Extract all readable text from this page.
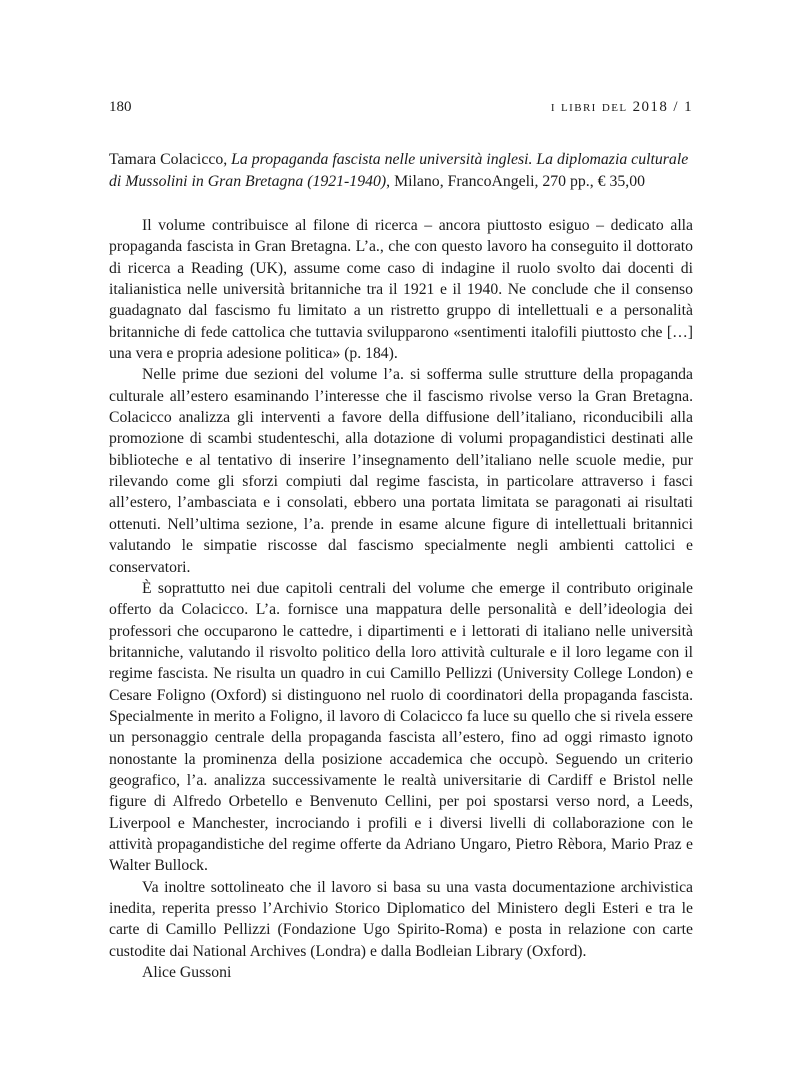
180	i libri del 2018 / 1
Tamara Colacicco, La propaganda fascista nelle università inglesi. La diplomazia culturale di Mussolini in Gran Bretagna (1921-1940), Milano, FrancoAngeli, 270 pp., € 35,00

Il volume contribuisce al filone di ricerca – ancora piuttosto esiguo – dedicato alla propaganda fascista in Gran Bretagna. L’a., che con questo lavoro ha conseguito il dottorato di ricerca a Reading (UK), assume come caso di indagine il ruolo svolto dai docenti di italianistica nelle università britanniche tra il 1921 e il 1940. Ne conclude che il consenso guadagnato dal fascismo fu limitato a un ristretto gruppo di intellettuali e a personalità britanniche di fede cattolica che tuttavia svilupparono «sentimenti italofili piuttosto che […] una vera e propria adesione politica» (p. 184).

Nelle prime due sezioni del volume l’a. si sofferma sulle strutture della propaganda culturale all’estero esaminando l’interesse che il fascismo rivolse verso la Gran Bretagna. Colacicco analizza gli interventi a favore della diffusione dell’italiano, riconducibili alla promozione di scambi studenteschi, alla dotazione di volumi propagandistici destinati alle biblioteche e al tentativo di inserire l’insegnamento dell’italiano nelle scuole medie, pur rilevando come gli sforzi compiuti dal regime fascista, in particolare attraverso i fasci all’estero, l’ambasciata e i consolati, ebbero una portata limitata se paragonati ai risultati ottenuti. Nell’ultima sezione, l’a. prende in esame alcune figure di intellettuali britannici valutando le simpatie riscosse dal fascismo specialmente negli ambienti cattolici e conservatori.

È soprattutto nei due capitoli centrali del volume che emerge il contributo originale offerto da Colacicco. L’a. fornisce una mappatura delle personalità e dell’ideologia dei professori che occuparono le cattedre, i dipartimenti e i lettorati di italiano nelle università britanniche, valutando il risvolto politico della loro attività culturale e il loro legame con il regime fascista. Ne risulta un quadro in cui Camillo Pellizzi (University College London) e Cesare Foligno (Oxford) si distinguono nel ruolo di coordinatori della propaganda fascista. Specialmente in merito a Foligno, il lavoro di Colacicco fa luce su quello che si rivela essere un personaggio centrale della propaganda fascista all’estero, fino ad oggi rimasto ignoto nonostante la prominenza della posizione accademica che occupò. Seguendo un criterio geografico, l’a. analizza successivamente le realtà universitarie di Cardiff e Bristol nelle figure di Alfredo Orbetello e Benvenuto Cellini, per poi spostarsi verso nord, a Leeds, Liverpool e Manchester, incrociando i profili e i diversi livelli di collaborazione con le attività propagandistiche del regime offerte da Adriano Ungaro, Pietro Rèbora, Mario Praz e Walter Bullock.

Va inoltre sottolineato che il lavoro si basa su una vasta documentazione archivistica inedita, reperita presso l’Archivio Storico Diplomatico del Ministero degli Esteri e tra le carte di Camillo Pellizzi (Fondazione Ugo Spirito-Roma) e posta in relazione con carte custodite dai National Archives (Londra) e dalla Bodleian Library (Oxford).

Alice Gussoni
